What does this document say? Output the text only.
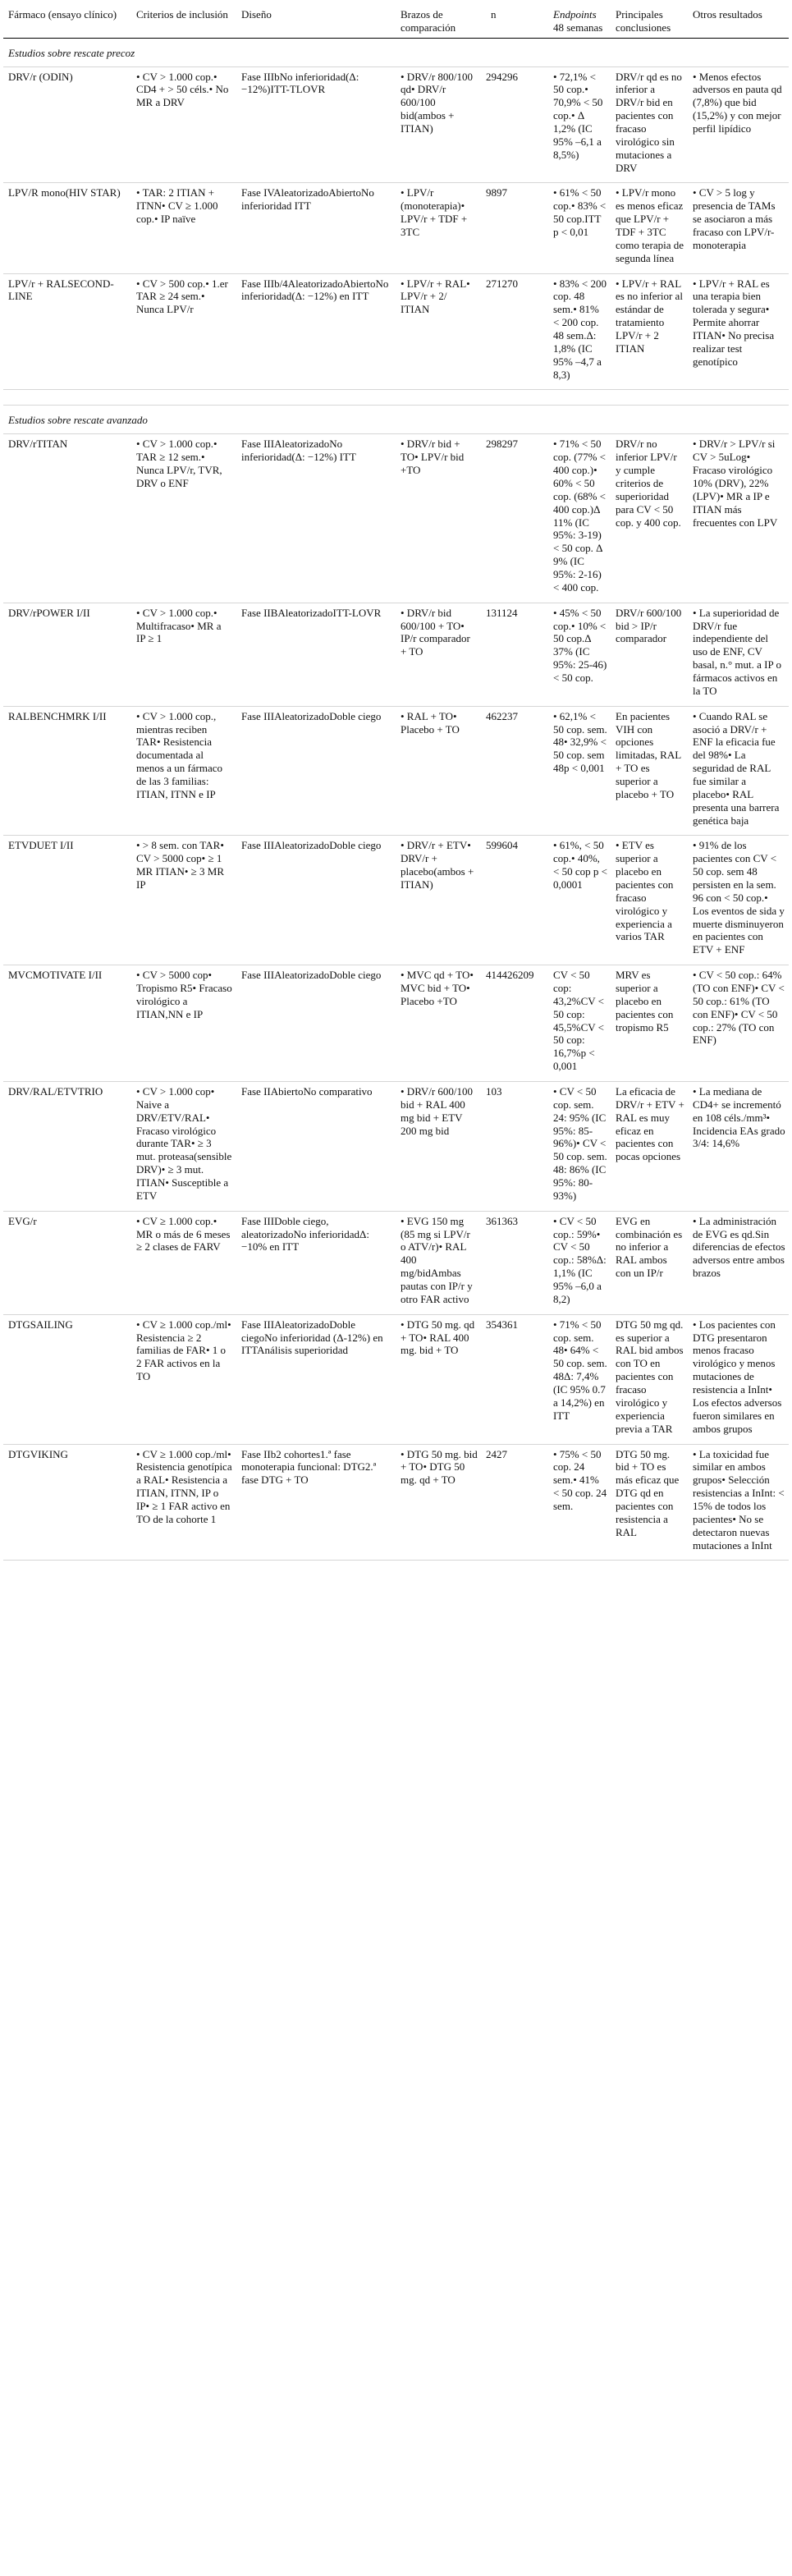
Fármaco (ensayo clínico)	Criterios de inclusión	Diseño	Brazos de comparación	n	Endpoints 48 semanas	Principales conclusiones	Otros resultados
Estudios sobre rescate precoz							
DRV/r (ODIN)	• CV > 1.000 cop.• CD4 + > 50 céls.• No MR a DRV	Fase IIIbNo inferioridad(Δ: −12%)ITT-TLOVR	• DRV/r 800/100 qd• DRV/r 600/100 bid(ambos + ITIAN)	294296	• 72,1% < 50 cop.• 70,9% < 50 cop.• Δ 1,2% (IC 95% –6,1 a 8,5%)	DRV/r qd es no inferior a DRV/r bid en pacientes con fracaso virológico sin mutaciones a DRV	• Menos efectos adversos en pauta qd (7,8%) que bid (15,2%) y con mejor perfil lipídico
LPV/R mono(HIV STAR)	• TAR: 2 ITIAN + ITNN• CV ≥ 1.000 cop.• IP naïve	Fase IVAleatorizadoAbiertoNo inferioridad ITT	• LPV/r (monoterapia)• LPV/r + TDF + 3TC	9897	• 61% < 50 cop.• 83% < 50 cop.ITT p < 0,01	• LPV/r mono es menos eficaz que LPV/r + TDF + 3TC como terapia de segunda línea	• CV > 5 log y presencia de TAMs se asociaron a más fracaso con LPV/r-monoterapia
LPV/r + RALSECOND-LINE	• CV > 500 cop.• 1.er TAR ≥ 24 sem.• Nunca LPV/r	Fase IIIb/4AleatorizadoAbiertoNo inferioridad(Δ: −12%) en ITT	• LPV/r + RAL• LPV/r + 2/ ITIAN	271270	• 83% < 200 cop. 48 sem.• 81% < 200 cop. 48 sem.Δ: 1,8% (IC 95% –4,7 a 8,3)	• LPV/r + RAL es no inferior al estándar de tratamiento LPV/r + 2 ITIAN	• LPV/r + RAL es una terapia bien tolerada y segura• Permite ahorrar ITIAN• No precisa realizar test genotípico

Estudios sobre rescate avanzado							
DRV/rTITAN	• CV > 1.000 cop.• TAR ≥ 12 sem.• Nunca LPV/r, TVR, DRV o ENF	Fase IIIAleatorizadoNo inferioridad(Δ: −12%) ITT	• DRV/r bid + TO• LPV/r bid +TO	298297	• 71% < 50 cop. (77% < 400 cop.)• 60% < 50 cop. (68% < 400 cop.)Δ 11% (IC 95%: 3-19) < 50 cop. Δ 9% (IC 95%: 2-16) < 400 cop.	DRV/r no inferior LPV/r y cumple criterios de superioridad para CV < 50 cop. y 400 cop.	• DRV/r > LPV/r si CV > 5uLog• Fracaso virológico 10% (DRV), 22% (LPV)• MR a IP e ITIAN más frecuentes con LPV
DRV/rPOWER I/II	• CV > 1.000 cop.• Multifracaso• MR a IP ≥ 1	Fase IIBAleatorizadoITT-LOVR	• DRV/r bid 600/100 + TO• IP/r comparador + TO	131124	• 45% < 50 cop.• 10% < 50 cop.Δ 37% (IC 95%: 25-46) < 50 cop.	DRV/r 600/100 bid > IP/r comparador	• La superioridad de DRV/r fue independiente del uso de ENF, CV basal, n.° mut. a IP o fármacos activos en la TO
RALBENCHMRK I/II	• CV > 1.000 cop., mientras reciben TAR• Resistencia documentada al menos a un fármaco de las 3 familias: ITIAN, ITNN e IP	Fase IIIAleatorizadoDoble ciego	• RAL + TO• Placebo + TO	462237	• 62,1% < 50 cop. sem. 48• 32,9% < 50 cop. sem 48p < 0,001	En pacientes VIH con opciones limitadas, RAL + TO es superior a placebo + TO	• Cuando RAL se asoció a DRV/r + ENF la eficacia fue del 98%• La seguridad de RAL fue similar a placebo• RAL presenta una barrera genética baja
ETVDUET I/II	• > 8 sem. con TAR• CV > 5000 cop• ≥ 1 MR ITIAN• ≥ 3 MR IP	Fase IIIAleatorizadoDoble ciego	• DRV/r + ETV• DRV/r + placebo(ambos + ITIAN)	599604	• 61%, < 50 cop.• 40%, < 50 cop p < 0,0001	• ETV es superior a placebo en pacientes con fracaso virológico y experiencia a varios TAR	• 91% de los pacientes con CV < 50 cop. sem 48 persisten en la sem. 96 con < 50 cop.• Los eventos de sida y muerte disminuyeron en pacientes con ETV + ENF
MVCMOTIVATE I/II	• CV > 5000 cop• Tropismo R5• Fracaso virológico a ITIAN,NN e IP	Fase IIIAleatorizadoDoble ciego	• MVC qd + TO• MVC bid + TO• Placebo +TO	414426209	CV < 50 cop: 43,2%CV < 50 cop: 45,5%CV < 50 cop: 16,7%p < 0,001	MRV es superior a placebo en pacientes con tropismo R5	• CV < 50 cop.: 64% (TO con ENF)• CV < 50 cop.: 61% (TO con ENF)• CV < 50 cop.: 27% (TO con ENF)
DRV/RAL/ETVTRIO	• CV > 1.000 cop• Naive a DRV/ETV/RAL• Fracaso virológico durante TAR• ≥ 3 mut. proteasa(sensible DRV)• ≥ 3 mut. ITIAN• Susceptible a ETV	Fase IIAbiertoNo comparativo	• DRV/r 600/100 bid + RAL 400 mg bid + ETV 200 mg bid	103	• CV < 50 cop. sem. 24: 95% (IC 95%: 85-96%)• CV < 50 cop. sem. 48: 86% (IC 95%: 80-93%)	La eficacia de DRV/r + ETV + RAL es muy eficaz en pacientes con pocas opciones	• La mediana de CD4+ se incrementó en 108 céls./mm³• Incidencia EAs grado 3/4: 14,6%
EVG/r	• CV ≥ 1.000 cop.• MR o más de 6 meses ≥ 2 clases de FARV	Fase IIIDoble ciego, aleatorizadoNo inferioridadΔ: −10% en ITT	• EVG 150 mg (85 mg si LPV/r o ATV/r)• RAL 400 mg/bidAmbas pautas con IP/r y otro FAR activo	361363	• CV < 50 cop.: 59%• CV < 50 cop.: 58%Δ: 1,1% (IC 95% –6,0 a 8,2)	EVG en combinación es no inferior a RAL ambos con un IP/r	• La administración de EVG es qd.Sin diferencias de efectos adversos entre ambos brazos
DTGSAILING	• CV ≥ 1.000 cop./ml• Resistencia ≥ 2 familias de FAR• 1 o 2 FAR activos en la TO	Fase IIIAleatorizadoDoble ciegoNo inferioridad (Δ-12%) en ITTAnálisis superioridad	• DTG 50 mg. qd + TO• RAL 400 mg. bid + TO	354361	• 71% < 50 cop. sem. 48• 64% < 50 cop. sem. 48Δ: 7,4% (IC 95% 0.7 a 14,2%) en ITT	DTG 50 mg qd. es superior a RAL bid ambos con TO en pacientes con fracaso virológico y experiencia previa a TAR	• Los pacientes con DTG presentaron menos fracaso virológico y menos mutaciones de resistencia a InInt• Los efectos adversos fueron similares en ambos grupos
DTGVIKING	• CV ≥ 1.000 cop./ml• Resistencia genotípica a RAL• Resistencia a ITIAN, ITNN, IP o IP• ≥ 1 FAR activo en TO de la cohorte 1	Fase IIb2 cohortes1.ª fase monoterapia funcional: DTG2.ª fase DTG + TO	• DTG 50 mg. bid + TO• DTG 50 mg. qd + TO	2427	• 75% < 50 cop. 24 sem.• 41% < 50 cop. 24 sem.	DTG 50 mg. bid + TO es más eficaz que DTG qd en pacientes con resistencia a RAL	• La toxicidad fue similar en ambos grupos• Selección resistencias a InInt: < 15% de todos los pacientes• No se detectaron nuevas mutaciones a InInt
